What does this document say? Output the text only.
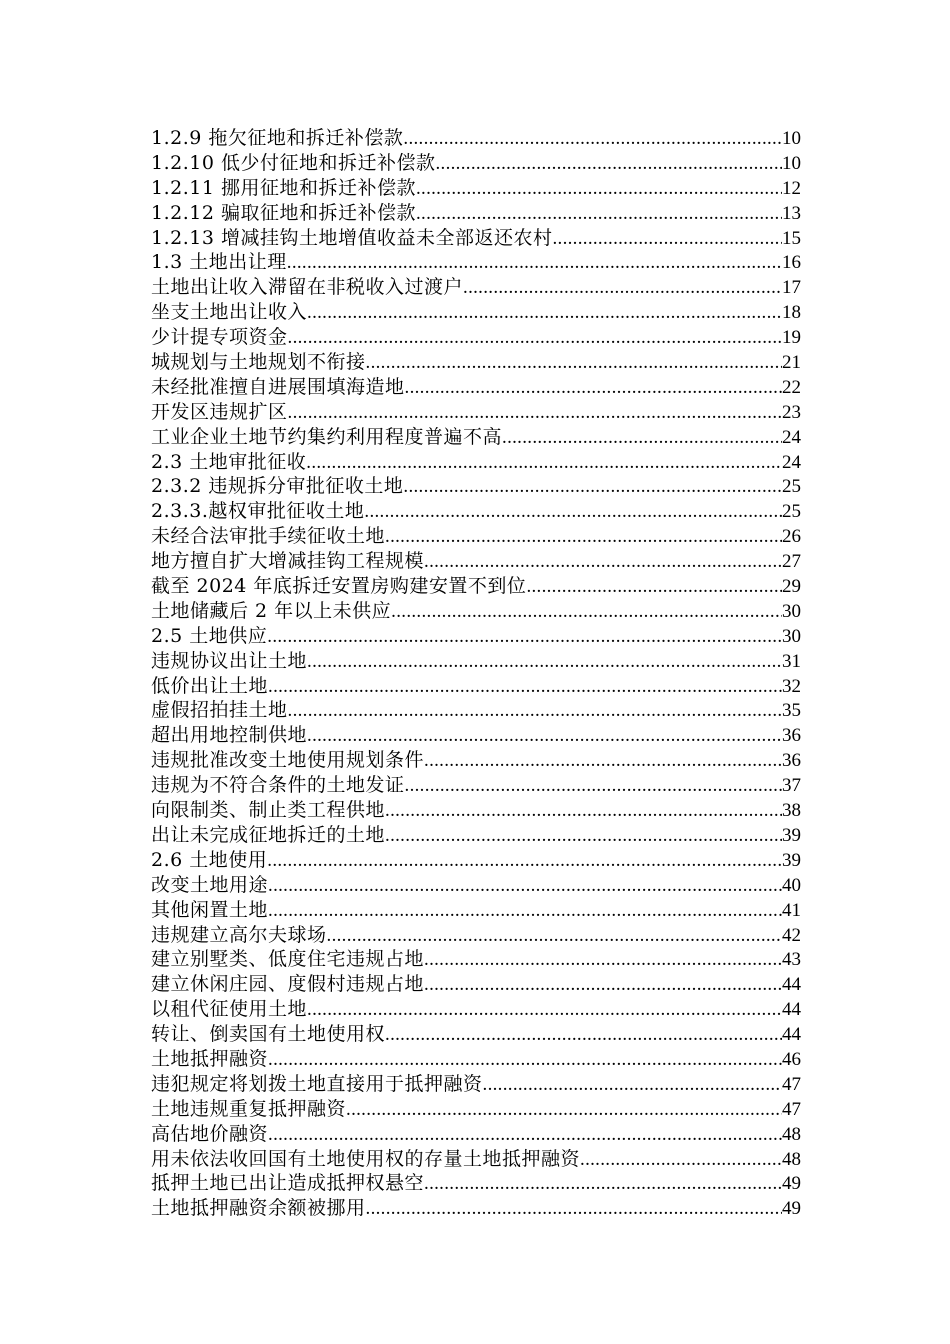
1.2.9 拖欠征地和拆迁补偿款 .....	10
1.2.10 低少付征地和拆迁补偿款 .....	10
1.2.11 挪用征地和拆迁补偿款 .....	12
1.2.12 骗取征地和拆迁补偿款 .....	13
1.2.13 增减挂钩土地增值收益未全部返还农村 .....	15
1.3 土地出让理 .....	16
土地出让收入滞留在非税收入过渡户 .....	17
坐支土地出让收入 .....	18
少计提专项资金 .....	19
城规划与土地规划不衔接 .....	21
未经批准擅自进展围填海造地 .....	22
开发区违规扩区 .....	23
工业企业土地节约集约利用程度普遍不高 .....	24
2.3 土地审批征收 .....	24
2.3.2 违规拆分审批征收土地 .....	25
2.3.3.越权审批征收土地 .....	25
未经合法审批手续征收土地 .....	26
地方擅自扩大增减挂钩工程规模 .....	27
截至 2024 年底拆迁安置房购建安置不到位 .....	29
土地储藏后 2 年以上未供应 .....	30
2.5 土地供应 .....	30
违规协议出让土地 .....	31
低价出让土地 .....	32
虚假招拍挂土地 .....	35
超出用地控制供地 .....	36
违规批准改变土地使用规划条件 .....	36
违规为不符合条件的土地发证 .....	37
向限制类、制止类工程供地 .....	38
出让未完成征地拆迁的土地 .....	39
2.6 土地使用 .....	39
改变土地用途 .....	40
其他闲置土地 .....	41
违规建立高尔夫球场 .....	42
建立别墅类、低度住宅违规占地 .....	43
建立休闲庄园、度假村违规占地 .....	44
以租代征使用土地 .....	44
转让、倒卖国有土地使用权 .....	44
土地抵押融资 .....	46
违犯规定将划拨土地直接用于抵押融资 .....	47
土地违规重复抵押融资 .....	47
高估地价融资 .....	48
用未依法收回国有土地使用权的存量土地抵押融资 .....	48
抵押土地已出让造成抵押权悬空 .....	49
土地抵押融资余额被挪用 .....	49
